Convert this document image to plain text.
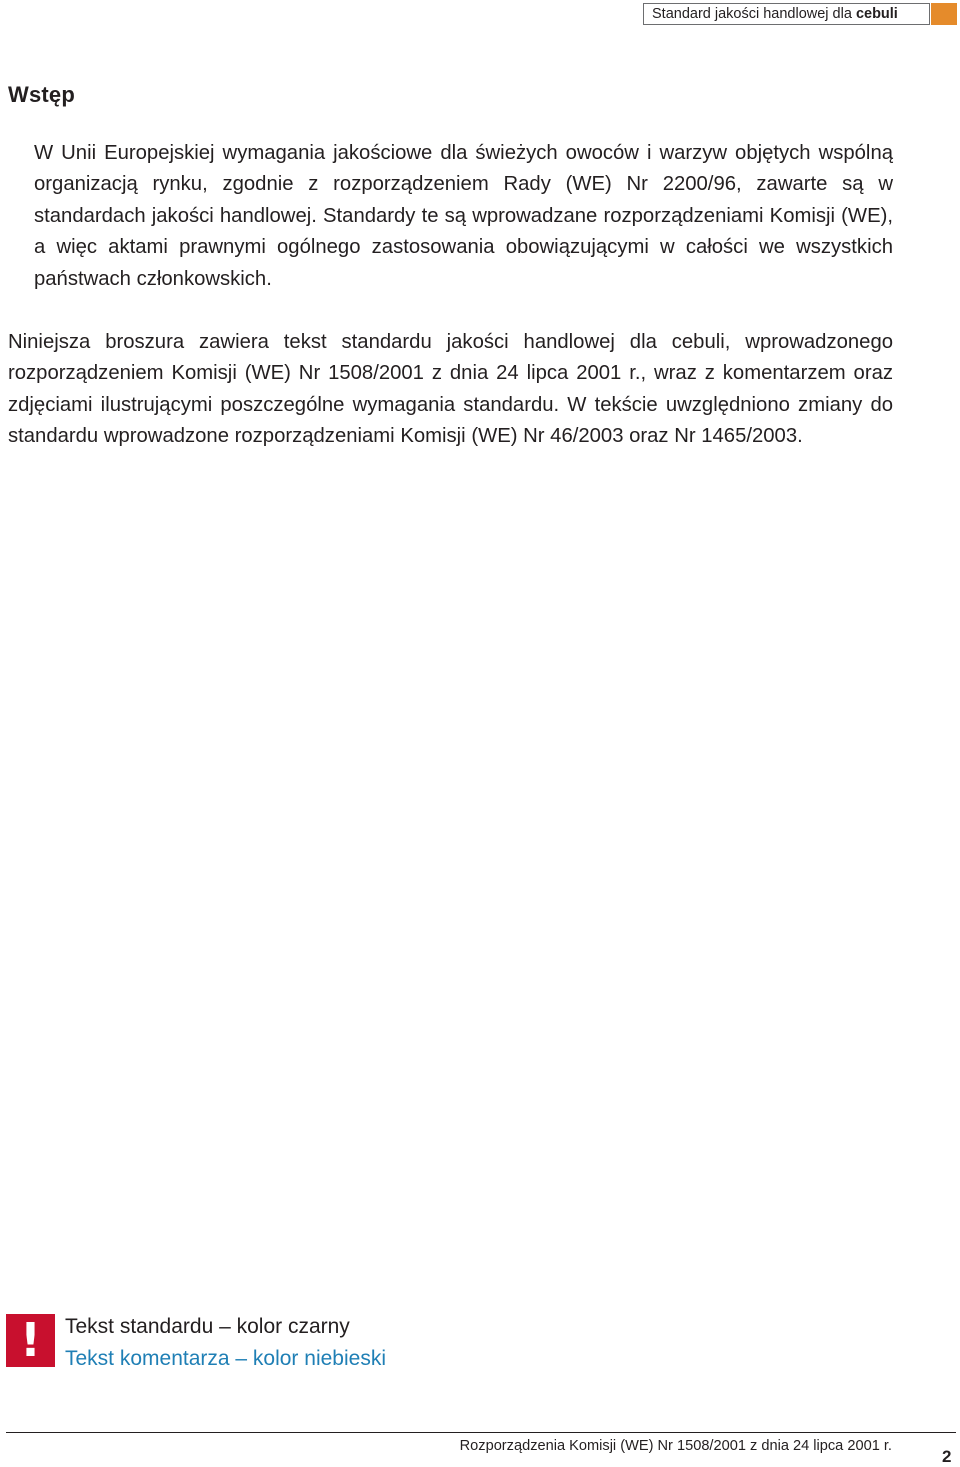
Standard jakości handlowej dla cebuli
Wstęp

W Unii Europejskiej wymagania jakościowe dla świeżych owoców i warzyw objętych wspólną organizacją rynku, zgodnie z rozporządzeniem Rady (WE) Nr 2200/96, zawarte są w standardach jakości handlowej. Standardy te są wprowadzane rozporządzeniami Komisji (WE), a więc aktami prawnymi ogólnego zastosowania obowiązującymi w całości we wszystkich państwach członkowskich.

Niniejsza broszura zawiera tekst standardu jakości handlowej dla cebuli, wprowadzonego rozporządzeniem Komisji (WE) Nr 1508/2001 z dnia 24 lipca 2001 r., wraz z komentarzem oraz zdjęciami ilustrującymi poszczególne wymagania standardu. W tekście uwzględniono zmiany do standardu wprowadzone rozporządzeniami Komisji (WE) Nr 46/2003 oraz Nr 1465/2003.

!	Tekst standardu – kolor czarny

Tekst komentarza – kolor niebieski

Rozporządzenia Komisji (WE) Nr 1508/2001 z dnia 24 lipca 2001 r.
2
